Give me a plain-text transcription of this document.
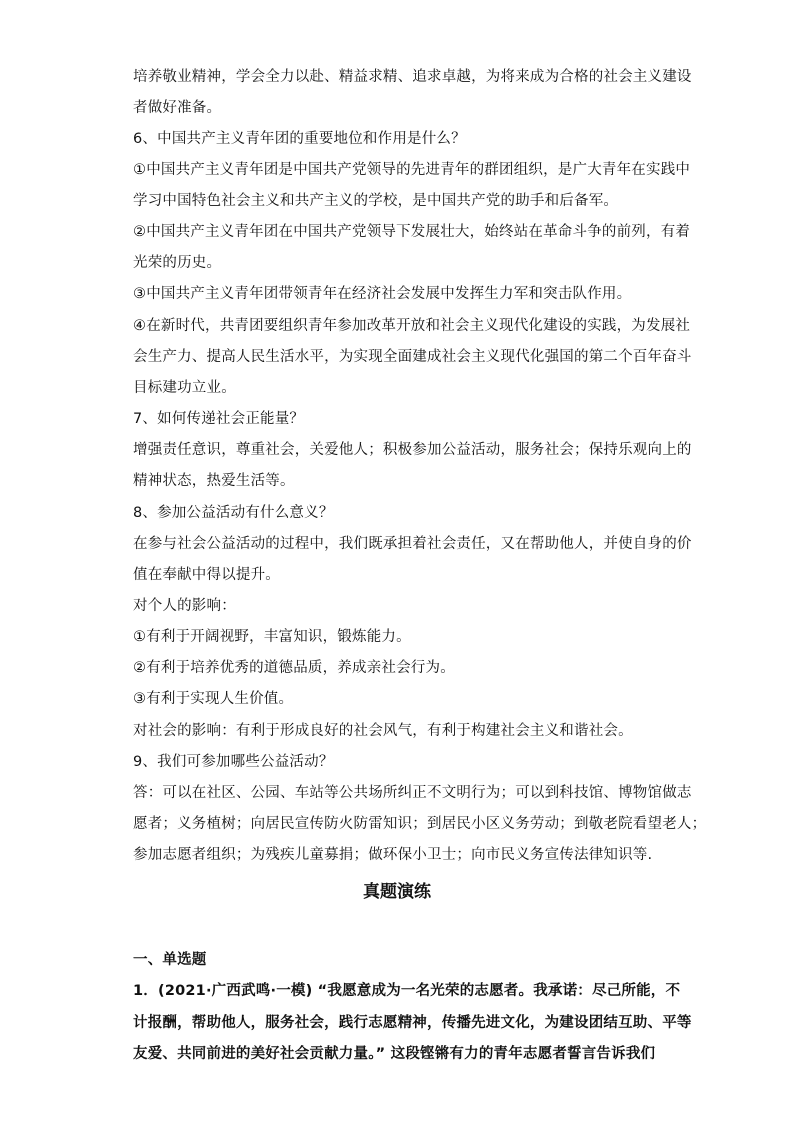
培养敬业精神，学会全力以赴、精益求精、追求卓越，为将来成为合格的社会主义建设
者做好准备。
6、中国共产主义青年团的重要地位和作用是什么？
①中国共产主义青年团是中国共产党领导的先进青年的群团组织，是广大青年在实践中
学习中国特色社会主义和共产主义的学校，是中国共产党的助手和后备军。
②中国共产主义青年团在中国共产党领导下发展壮大，始终站在革命斗争的前列，有着
光荣的历史。
③中国共产主义青年团带领青年在经济社会发展中发挥生力军和突击队作用。
④在新时代，共青团要组织青年参加改革开放和社会主义现代化建设的实践，为发展社
会生产力、提高人民生活水平，为实现全面建成社会主义现代化强国的第二个百年奋斗
目标建功立业。
7、如何传递社会正能量？
增强责任意识，尊重社会，关爱他人；积极参加公益活动，服务社会；保持乐观向上的
精神状态，热爱生活等。
8、参加公益活动有什么意义？
在参与社会公益活动的过程中，我们既承担着社会责任，又在帮助他人，并使自身的价
值在奉献中得以提升。
对个人的影响：
①有利于开阔视野，丰富知识，锻炼能力。
②有利于培养优秀的道德品质，养成亲社会行为。
③有利于实现人生价值。
对社会的影响：有利于形成良好的社会风气，有利于构建社会主义和谐社会。
9、我们可参加哪些公益活动？
答：可以在社区、公园、车站等公共场所纠正不文明行为；可以到科技馆、博物馆做志
愿者；义务植树；向居民宣传防火防雷知识；到居民小区义务劳动；到敬老院看望老人；
参加志愿者组织；为残疾儿童募捐；做环保小卫士；向市民义务宣传法律知识等.
真题演练
一、单选题
1．(2021·广西武鸣·一模) “我愿意成为一名光荣的志愿者。我承诺：尽己所能，不
计报酬，帮助他人，服务社会，践行志愿精神，传播先进文化，为建设团结互助、平等
友爱、共同前进的美好社会贡献力量。” 这段铿锵有力的青年志愿者誓言告诉我们
